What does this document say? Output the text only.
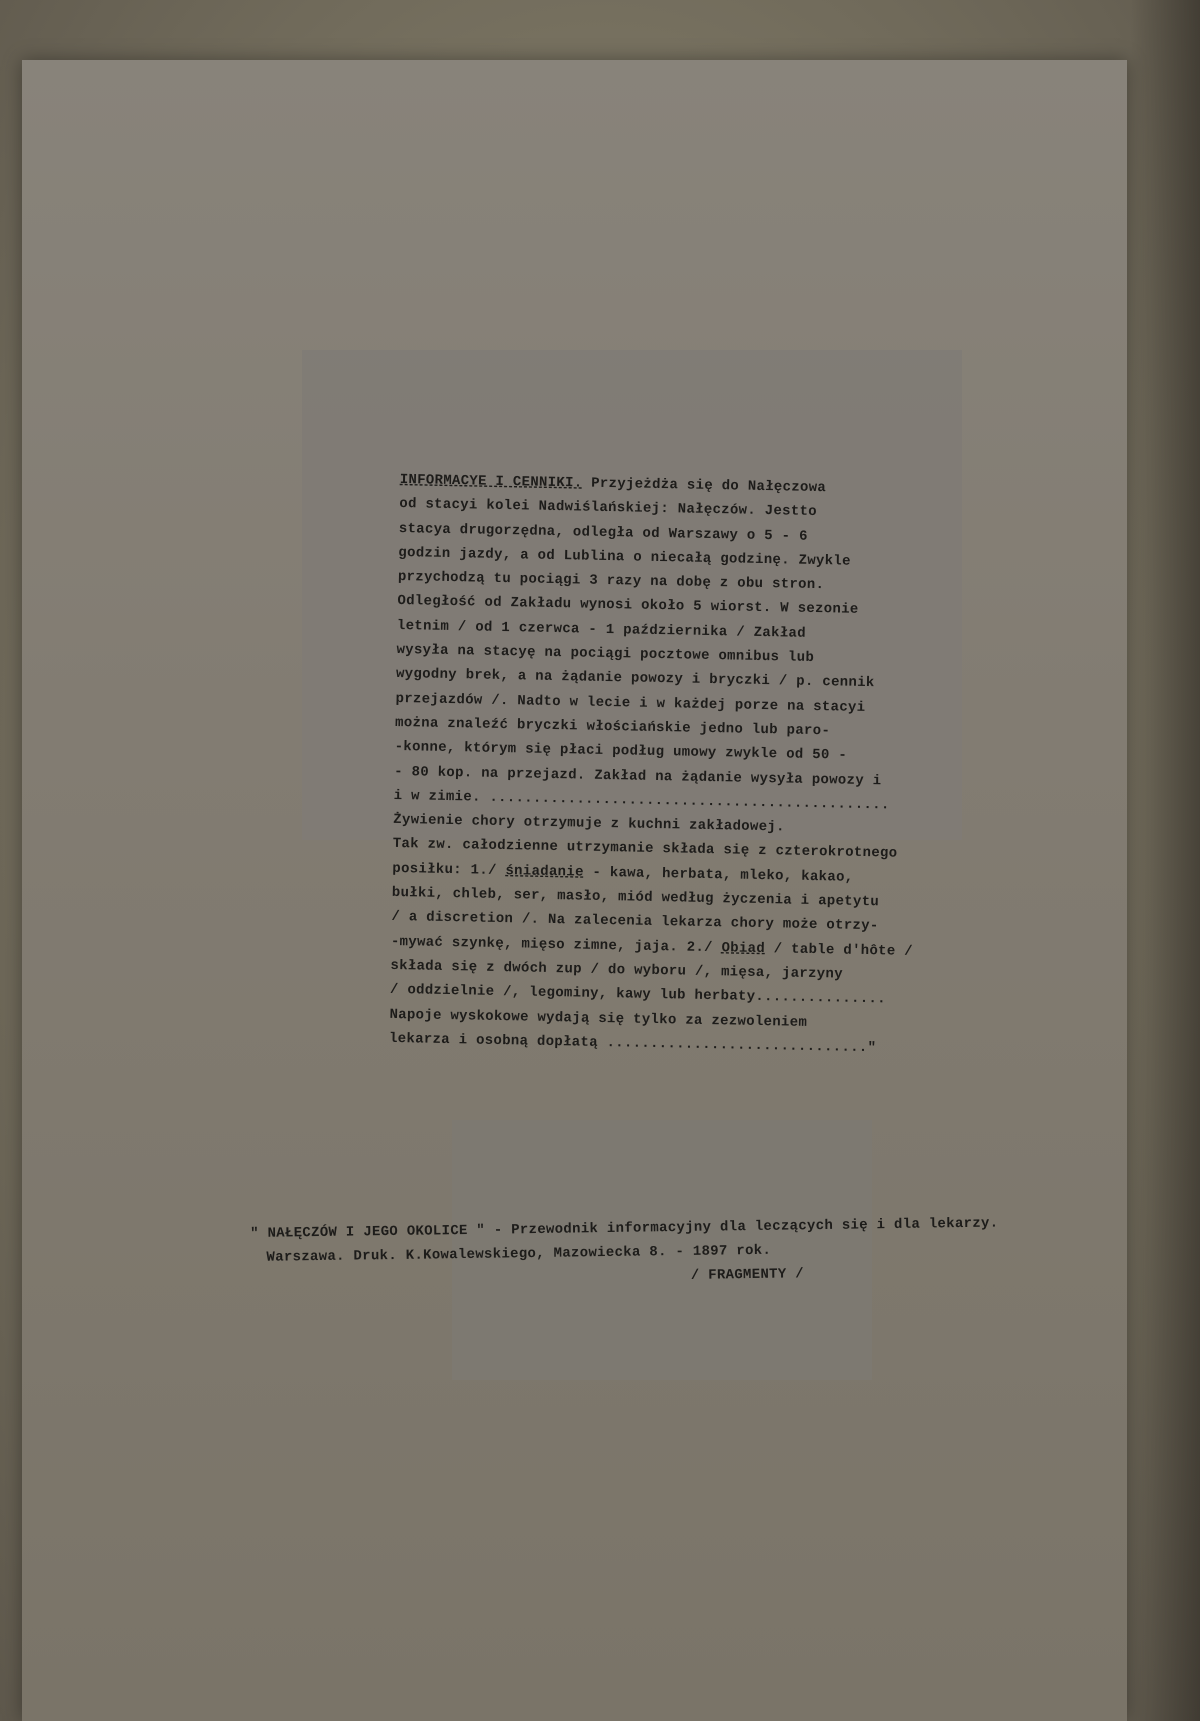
INFORMACYE I CENNIKI. Przyjeżdża się do Nałęczowa
od stacyi kolei Nadwiślańskiej: Nałęczów. Jestto
stacya drugorzędna, odległa od Warszawy o 5 - 6
godzin jazdy, a od Lublina o niecałą godzinę. Zwykle
przychodzą tu pociągi 3 razy na dobę z obu stron.
Odległość od Zakładu wynosi około 5 wiorst. W sezonie
letnim / od 1 czerwca - 1 października / Zakład
wysyła na stacyę na pociągi pocztowe omnibus lub
wygodny brek, a na żądanie powozy i bryczki / p. cennik
przejazdów /. Nadto w lecie i w każdej porze na stacyi
można znaleźć bryczki włościańskie jedno lub paro-
-konne, którym się płaci podług umowy zwykle od 50 -
- 80 kop. na przejazd. Zakład na żądanie wysyła powozy i
i w zimie. ..............................................
Żywienie chory otrzymuje z kuchni zakładowej.
Tak zw. całodzienne utrzymanie składa się z czterokrotnego
posiłku: 1./ śniadanie - kawa, herbata, mleko, kakao,
bułki, chleb, ser, masło, miód według życzenia i apetytu
/ a discretion /. Na zalecenia lekarza chory może otrzy-
-mywać szynkę, mięso zimne, jaja. 2./ Obiad / table d'hôte /
składa się z dwóch zup / do wyboru /, mięsa, jarzyny
/ oddzielnie /, legominy, kawy lub herbaty...............
Napoje wyskokowe wydają się tylko za zezwoleniem
lekarza i osobną dopłatą .............................."
" NAŁĘCZÓW I JEGO OKOLICE " - Przewodnik informacyjny dla leczących się i dla lekarzy.
Warszawa. Druk. K.Kowalewskiego, Mazowiecka 8. - 1897 rok.
/ FRAGMENTY /
